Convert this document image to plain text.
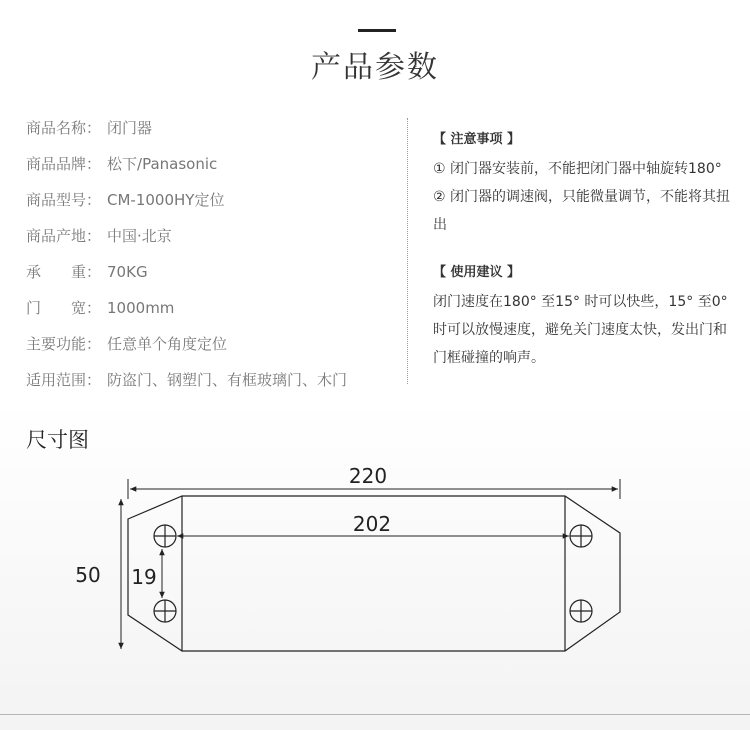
产品参数
商品名称： 闭门器
商品品牌： 松下/Panasonic
商品型号： CM-1000HY定位
商品产地： 中国·北京
承　　重： 70KG
门　　宽： 1000mm
主要功能：任意单个角度定位
适用范围： 防盗门、钢塑门、有框玻璃门、木门
【 注意事项 】
① 闭门器安装前，不能把闭门器中轴旋转180°
② 闭门器的调速阀，只能微量调节，不能将其扭
出
【 使用建议 】
闭门速度在180° 至15° 时可以快些，15° 至0°
时可以放慢速度，避免关门速度太快，发出门和
门框碰撞的响声。
尺寸图
220
202
50 19
